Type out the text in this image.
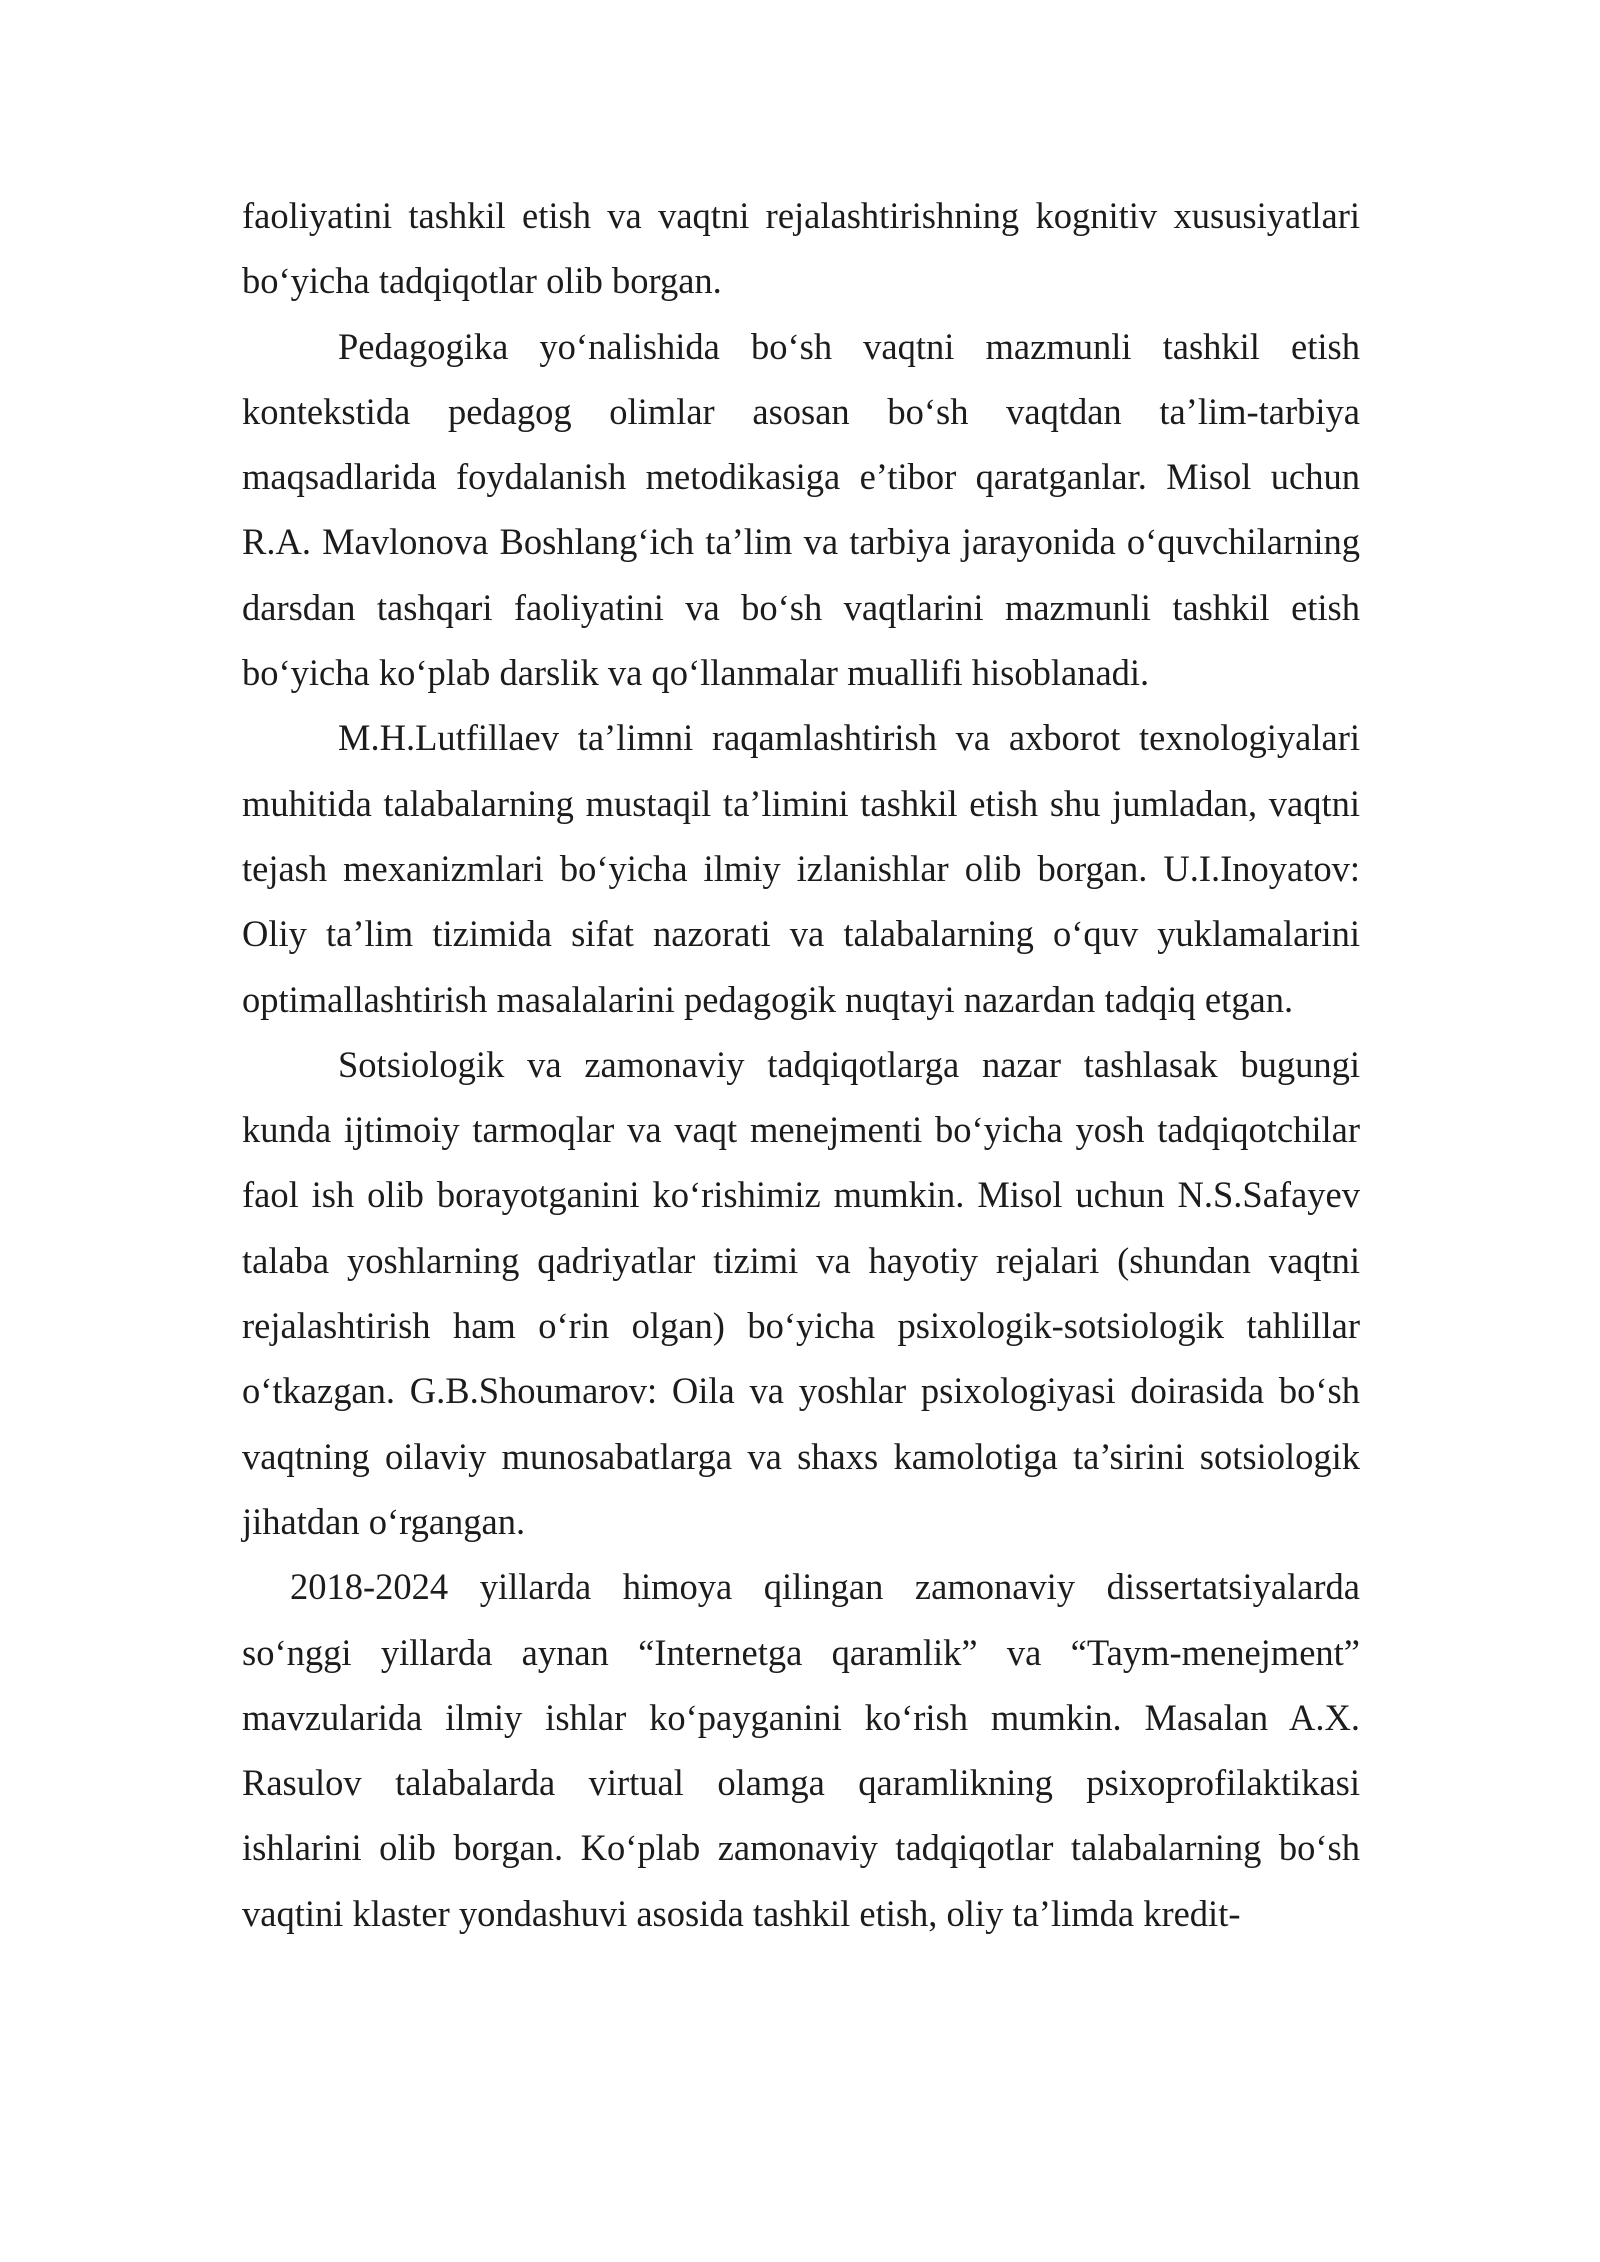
faoliyatini tashkil etish va vaqtni rejalashtirishning kognitiv xususiyatlari bo‘yicha tadqiqotlar olib borgan.

Pedagogika yo‘nalishida bo‘sh vaqtni mazmunli tashkil etish kontekstida pedagog olimlar asosan bo‘sh vaqtdan ta’lim-tarbiya maqsadlarida foydalanish metodikasiga e’tibor qaratganlar. Misol uchun R.A. Mavlonova Boshlang‘ich ta’lim va tarbiya jarayonida o‘quvchilarning darsdan tashqari faoliyatini va bo‘sh vaqtlarini mazmunli tashkil etish bo‘yicha ko‘plab darslik va qo‘llanmalar muallifi hisoblanadi.

M.H.Lutfillaev ta’limni raqamlashtirish va axborot texnologiyalari muhitida talabalarning mustaqil ta’limini tashkil etish shu jumladan, vaqtni tejash mexanizmlari bo‘yicha ilmiy izlanishlar olib borgan. U.I.Inoyatov: Oliy ta’lim tizimida sifat nazorati va talabalarning o‘quv yuklamalarini optimallashtirish masalalarini pedagogik nuqtayi nazardan tadqiq etgan.

Sotsiologik va zamonaviy tadqiqotlarga nazar tashlasak bugungi kunda ijtimoiy tarmoqlar va vaqt menejmenti bo‘yicha yosh tadqiqotchilar faol ish olib borayotganini ko‘rishimiz mumkin. Misol uchun N.S.Safayev talaba yoshlarning qadriyatlar tizimi va hayotiy rejalari (shundan vaqtni rejalashtirish ham o‘rin olgan) bo‘yicha psixologik-sotsiologik tahlillar o‘tkazgan. G.B.Shoumarov: Oila va yoshlar psixologiyasi doirasida bo‘sh vaqtning oilaviy munosabatlarga va shaxs kamolotiga ta’sirini sotsiologik jihatdan o‘rgangan.

2018-2024 yillarda himoya qilingan zamonaviy dissertatsiyalarda so‘nggi yillarda aynan “Internetga qaramlik” va “Taym-menejment” mavzularida ilmiy ishlar ko‘payganini ko‘rish mumkin. Masalan A.X. Rasulov talabalarda virtual olamga qaramlikning psixoprofilaktikasi ishlarini olib borgan. Ko‘plab zamonaviy tadqiqotlar talabalarning bo‘sh vaqtini klaster yondashuvi asosida tashkil etish, oliy ta’limda kredit-
